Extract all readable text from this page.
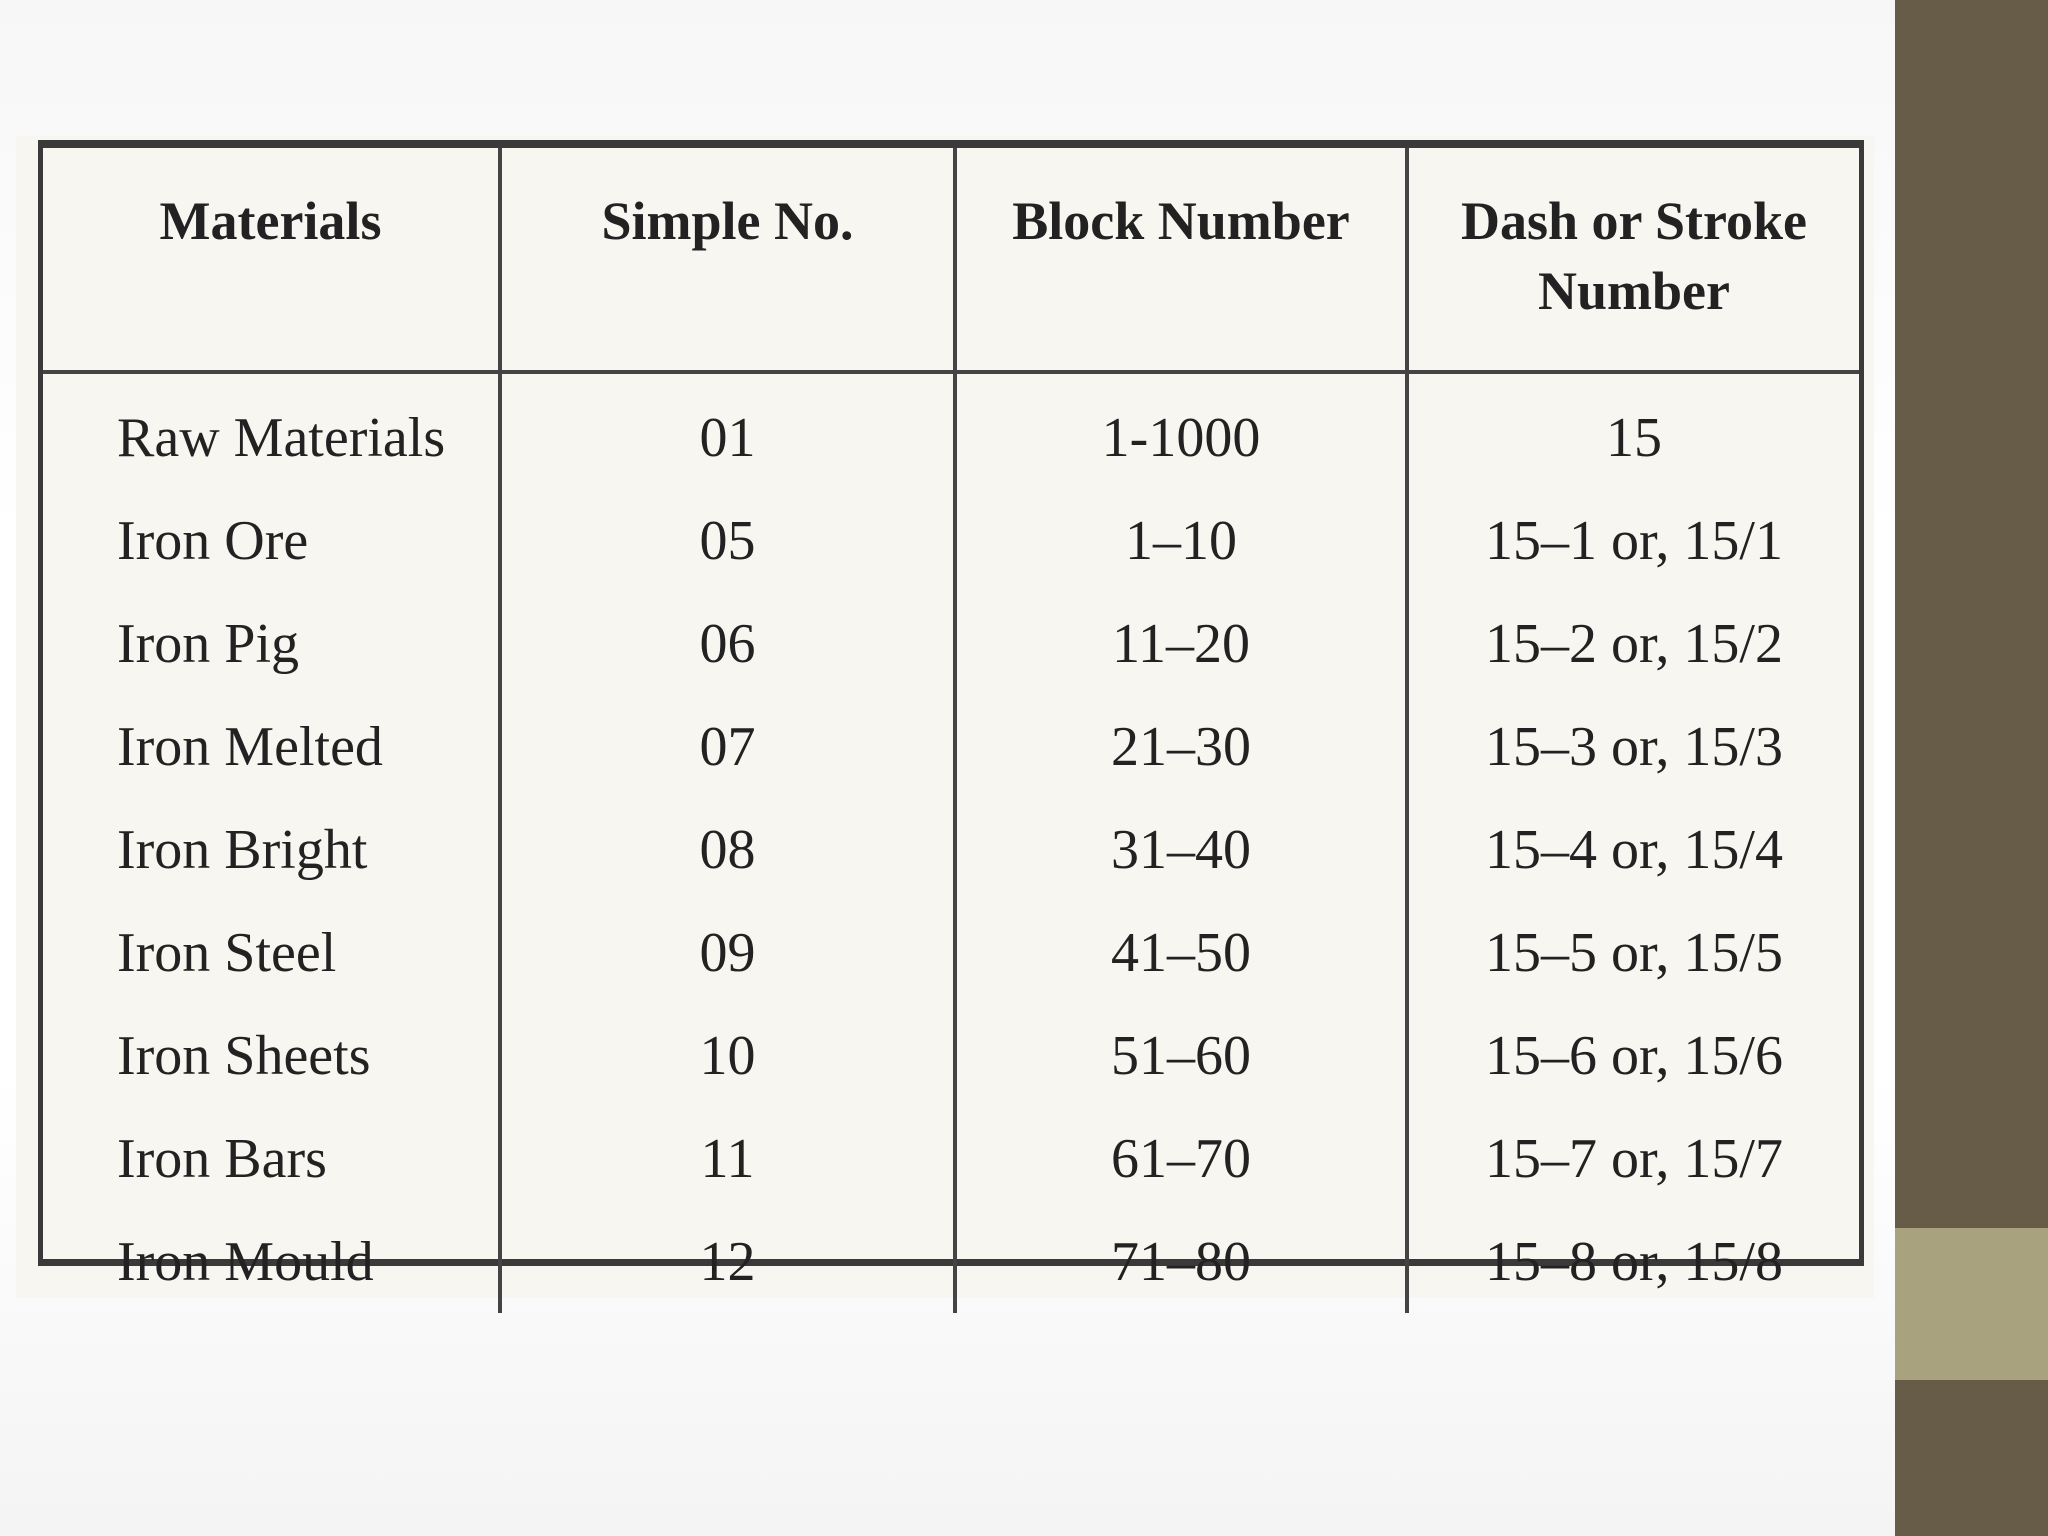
Materials	Simple No.	Block Number	Dash or Stroke Number
Raw Materials	01	1-1000	15
Iron Ore	05	1–10	15–1 or, 15/1
Iron Pig	06	11–20	15–2 or, 15/2
Iron Melted	07	21–30	15–3 or, 15/3
Iron Bright	08	31–40	15–4 or, 15/4
Iron Steel	09	41–50	15–5 or, 15/5
Iron Sheets	10	51–60	15–6 or, 15/6
Iron Bars	11	61–70	15–7 or, 15/7
Iron Mould	12	71–80	15–8 or, 15/8
